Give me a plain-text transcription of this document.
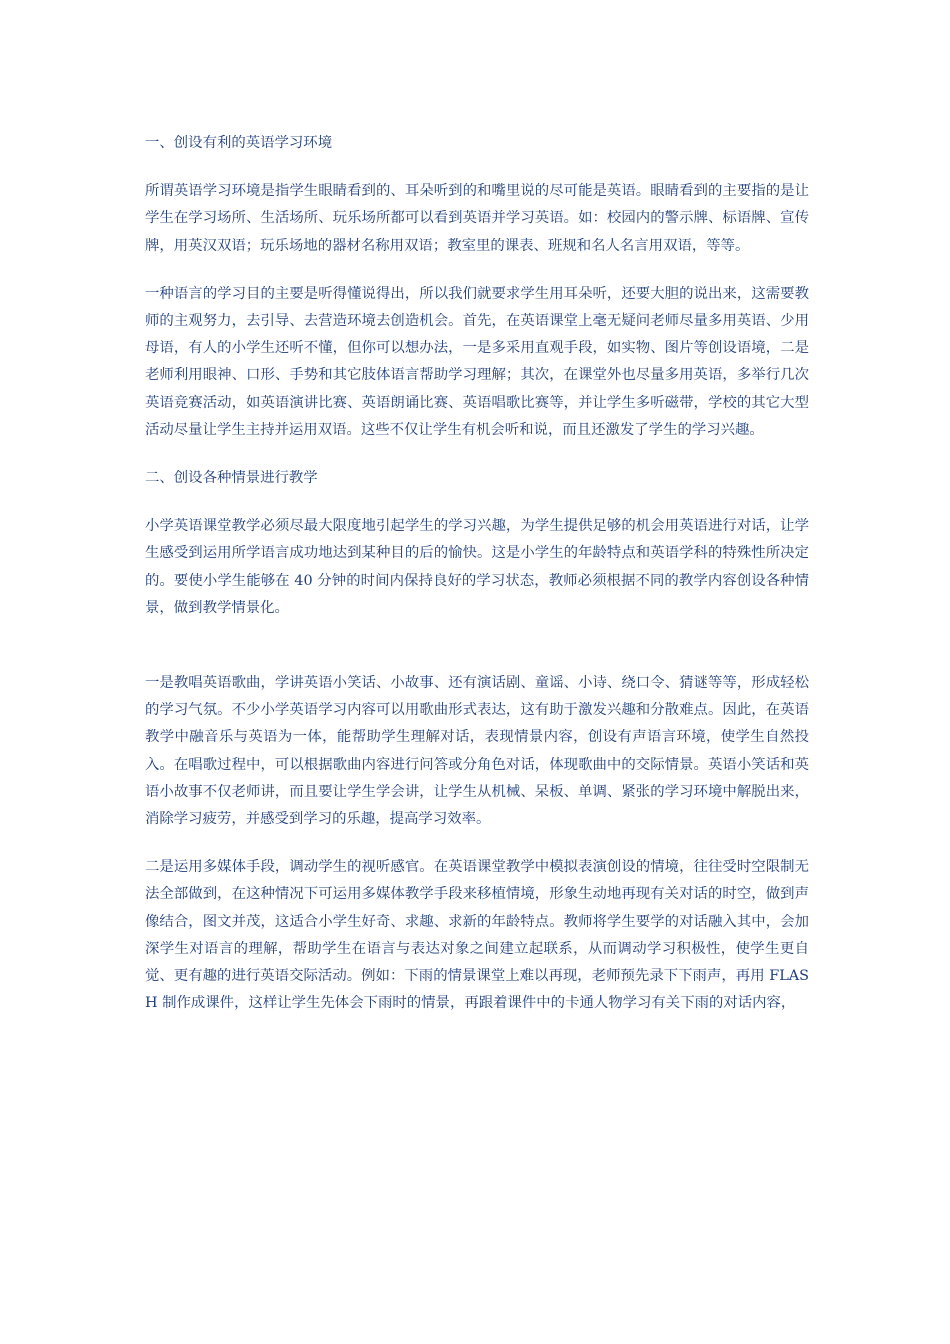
一、创设有利的英语学习环境

所谓英语学习环境是指学生眼睛看到的、耳朵听到的和嘴里说的尽可能是英语。眼睛看到的主要指的是让学生在学习场所、生活场所、玩乐场所都可以看到英语并学习英语。如：校园内的警示牌、标语牌、宣传牌，用英汉双语；玩乐场地的器材名称用双语；教室里的课表、班规和名人名言用双语，等等。

一种语言的学习目的主要是听得懂说得出，所以我们就要求学生用耳朵听，还要大胆的说出来，这需要教师的主观努力，去引导、去营造环境去创造机会。首先，在英语课堂上毫无疑问老师尽量多用英语、少用母语，有人的小学生还听不懂，但你可以想办法，一是多采用直观手段，如实物、图片等创设语境，二是老师利用眼神、口形、手势和其它肢体语言帮助学习理解；其次，在课堂外也尽量多用英语，多举行几次英语竞赛活动，如英语演讲比赛、英语朗诵比赛、英语唱歌比赛等，并让学生多听磁带，学校的其它大型活动尽量让学生主持并运用双语。这些不仅让学生有机会听和说，而且还激发了学生的学习兴趣。

二、创设各种情景进行教学

小学英语课堂教学必须尽最大限度地引起学生的学习兴趣，为学生提供足够的机会用英语进行对话，让学生感受到运用所学语言成功地达到某种目的后的愉快。这是小学生的年龄特点和英语学科的特殊性所决定的。要使小学生能够在 40 分钟的时间内保持良好的学习状态，教师必须根据不同的教学内容创设各种情景，做到教学情景化。

一是教唱英语歌曲，学讲英语小笑话、小故事、还有演话剧、童谣、小诗、绕口令、猜谜等等，形成轻松的学习气氛。不少小学英语学习内容可以用歌曲形式表达，这有助于激发兴趣和分散难点。因此，在英语教学中融音乐与英语为一体，能帮助学生理解对话，表现情景内容，创设有声语言环境，使学生自然投入。在唱歌过程中，可以根据歌曲内容进行问答或分角色对话，体现歌曲中的交际情景。英语小笑话和英语小故事不仅老师讲，而且要让学生学会讲，让学生从机械、呆板、单调、紧张的学习环境中解脱出来，消除学习疲劳，并感受到学习的乐趣，提高学习效率。

二是运用多媒体手段，调动学生的视听感官。在英语课堂教学中模拟表演创设的情境，往往受时空限制无法全部做到，在这种情况下可运用多媒体教学手段来移植情境，形象生动地再现有关对话的时空，做到声像结合，图文并茂，这适合小学生好奇、求趣、求新的年龄特点。教师将学生要学的对话融入其中，会加深学生对语言的理解，帮助学生在语言与表达对象之间建立起联系，从而调动学习积极性，使学生更自觉、更有趣的进行英语交际活动。例如：下雨的情景课堂上难以再现，老师预先录下下雨声，再用 FLASH 制作成课件，这样让学生先体会下雨时的情景，再跟着课件中的卡通人物学习有关下雨的对话内容，
